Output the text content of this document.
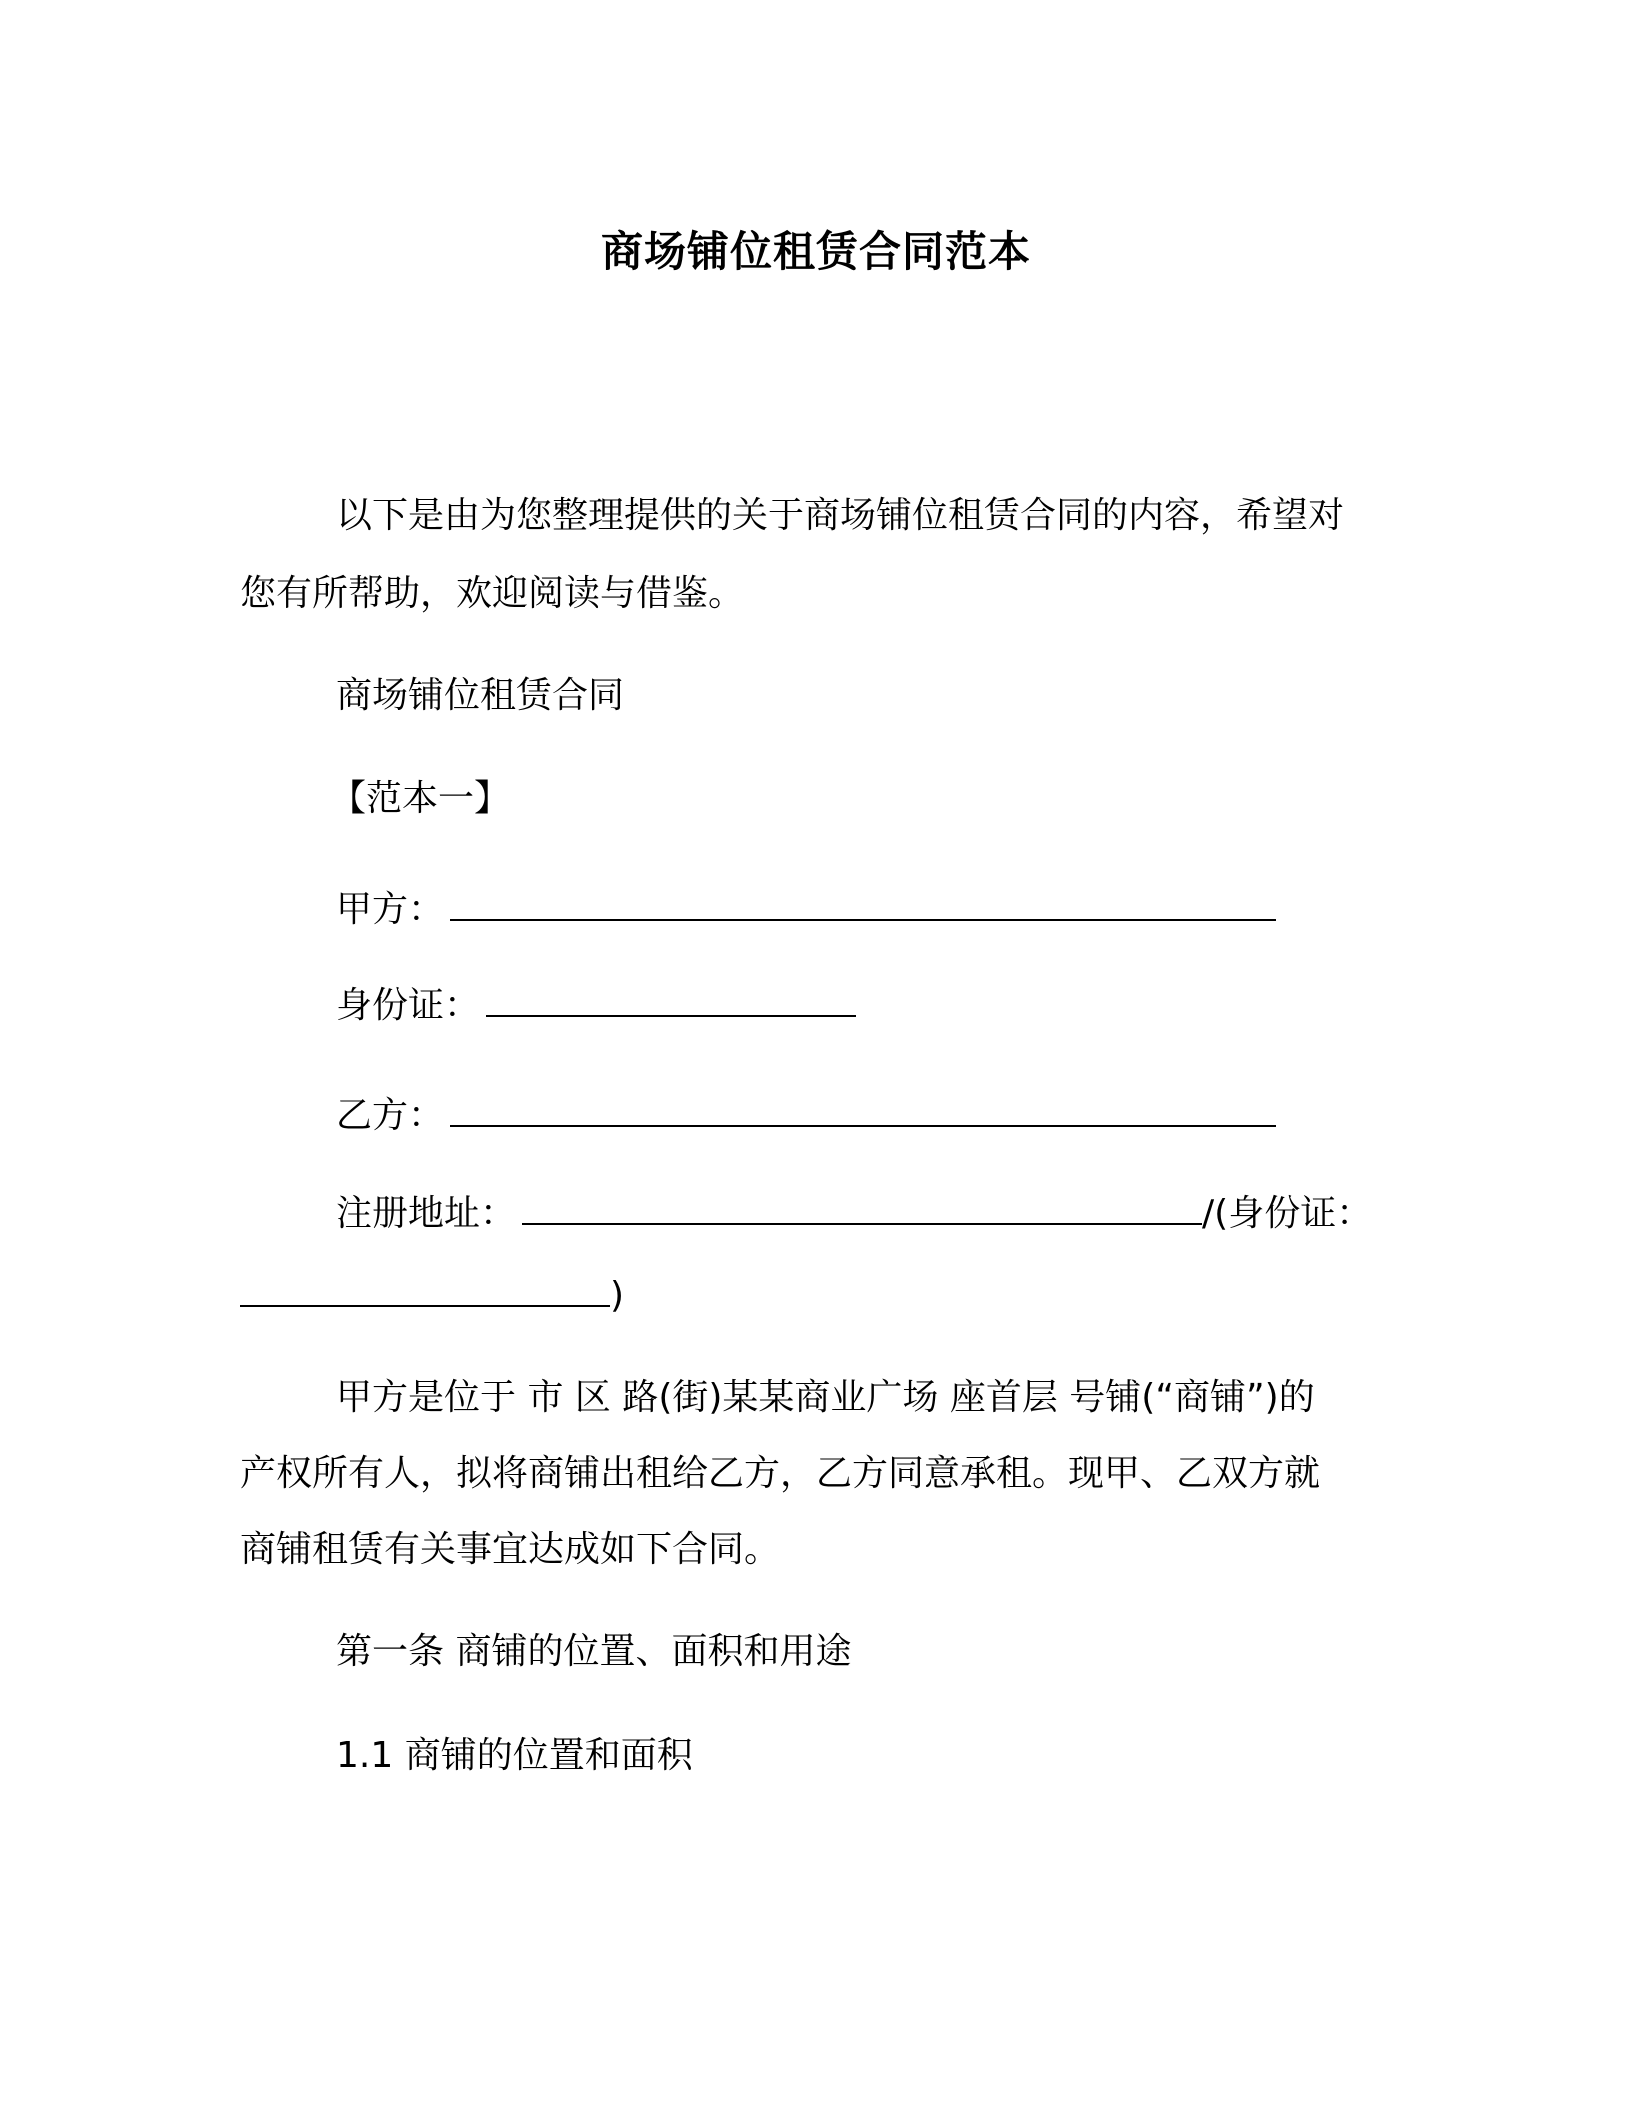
商场铺位租赁合同范本

以下是由为您整理提供的关于商场铺位租赁合同的内容，希望对

您有所帮助，欢迎阅读与借鉴。

商场铺位租赁合同

【范本一】

甲方：

身份证：

乙方：

注册地址：	/(身份证：

)

甲方是位于 市 区 路(街)某某商业广场 座首层 号铺(“商铺”)的

产权所有人，拟将商铺出租给乙方，乙方同意承租。现甲、乙双方就

商铺租赁有关事宜达成如下合同。

第一条 商铺的位置、面积和用途

1.1 商铺的位置和面积
